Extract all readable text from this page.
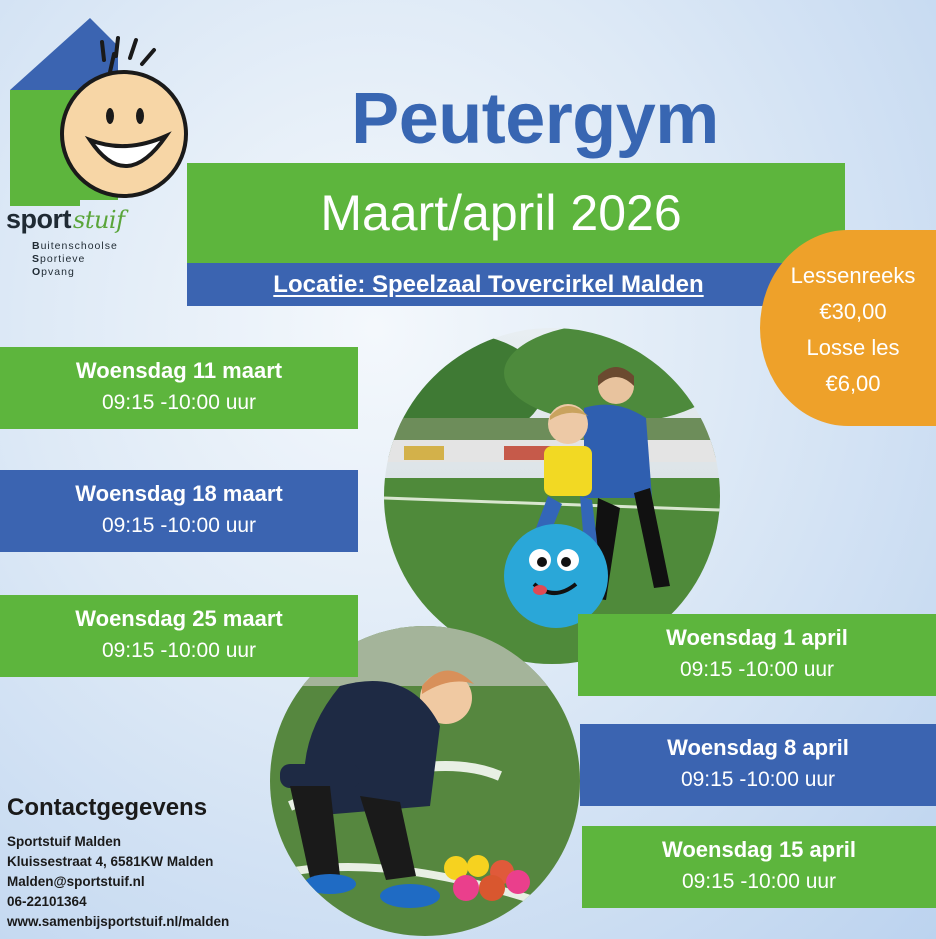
sportstuif
Buitenschoolse
Sportieve
Opvang
Peutergym
Maart/april 2026
Locatie: Speelzaal Tovercirkel Malden	Lessenreeks
€30,00
Losse les
€6,00
Woensdag 11 maart
09:15 -10:00 uur
Woensdag 18 maart
09:15 -10:00 uur
Woensdag 25 maart
09:15 -10:00 uur
Woensdag 1 april
09:15 -10:00 uur
Woensdag 8 april
09:15 -10:00 uur
Woensdag 15 april
09:15 -10:00 uur
Contactgegevens
Sportstuif Malden
Kluissestraat 4, 6581KW Malden
Malden@sportstuif.nl
06-22101364
www.samenbijsportstuif.nl/malden
